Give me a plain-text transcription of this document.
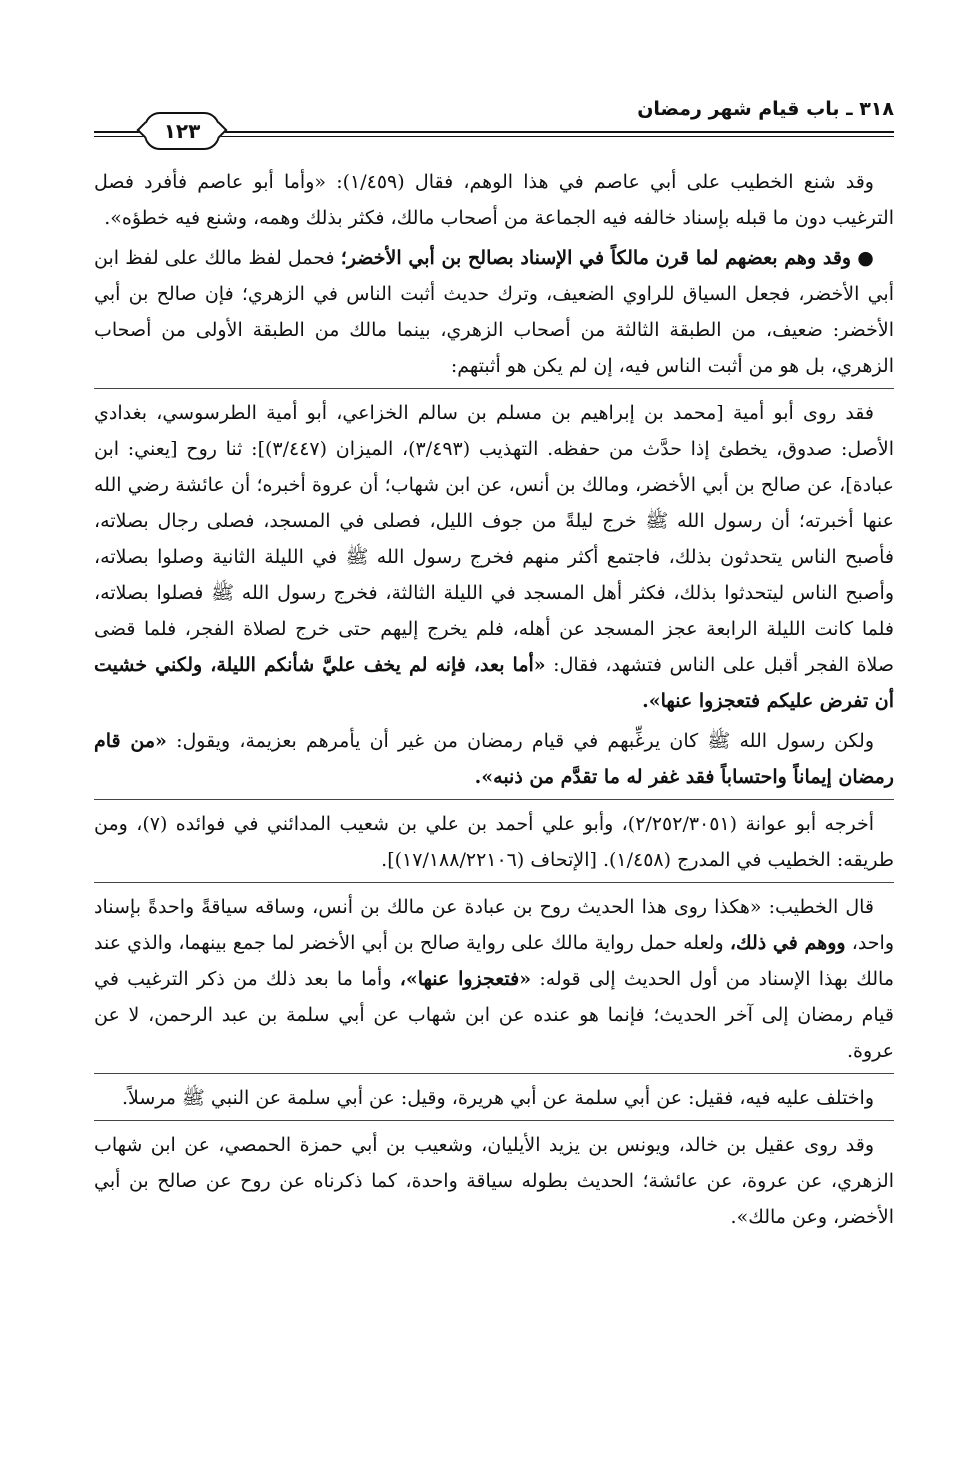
٣١٨ ـ باب قيام شهر رمضان
١٢٣

وقد شنع الخطيب على أبي عاصم في هذا الوهم، فقال (١/٤٥٩): «وأما أبو عاصم فأفرد فصل الترغيب دون ما قبله بإسناد خالفه فيه الجماعة من أصحاب مالك، فكثر بذلك وهمه، وشنع فيه خطؤه».

● وقد وهم بعضهم لما قرن مالكاً في الإسناد بصالح بن أبي الأخضر؛ فحمل لفظ مالك على لفظ ابن أبي الأخضر، فجعل السياق للراوي الضعيف، وترك حديث أثبت الناس في الزهري؛ فإن صالح بن أبي الأخضر: ضعيف، من الطبقة الثالثة من أصحاب الزهري، بينما مالك من الطبقة الأولى من أصحاب الزهري، بل هو من أثبت الناس فيه، إن لم يكن هو أثبتهم:

فقد روى أبو أمية [محمد بن إبراهيم بن مسلم بن سالم الخزاعي، أبو أمية الطرسوسي، بغدادي الأصل: صدوق، يخطئ إذا حدَّث من حفظه. التهذيب (٣/٤٩٣)، الميزان (٣/٤٤٧)]: ثنا روح [يعني: ابن عبادة]، عن صالح بن أبي الأخضر، ومالك بن أنس، عن ابن شهاب؛ أن عروة أخبره؛ أن عائشة رضي الله عنها أخبرته؛ أن رسول الله ﷺ خرج ليلةً من جوف الليل، فصلى في المسجد، فصلى رجال بصلاته، فأصبح الناس يتحدثون بذلك، فاجتمع أكثر منهم فخرج رسول الله ﷺ في الليلة الثانية وصلوا بصلاته، وأصبح الناس ليتحدثوا بذلك، فكثر أهل المسجد في الليلة الثالثة، فخرج رسول الله ﷺ فصلوا بصلاته، فلما كانت الليلة الرابعة عجز المسجد عن أهله، فلم يخرج إليهم حتى خرج لصلاة الفجر، فلما قضى صلاة الفجر أقبل على الناس فتشهد، فقال: «أما بعد، فإنه لم يخف عليَّ شأنكم الليلة، ولكني خشيت أن تفرض عليكم فتعجزوا عنها».

ولكن رسول الله ﷺ كان يرغِّبهم في قيام رمضان من غير أن يأمرهم بعزيمة، ويقول: «من قام رمضان إيماناً واحتساباً فقد غفر له ما تقدَّم من ذنبه».

أخرجه أبو عوانة (٢/٢٥٢/٣٠٥١)، وأبو علي أحمد بن علي بن شعيب المدائني في فوائده (٧)، ومن طريقه: الخطيب في المدرج (١/٤٥٨). [الإتحاف (١٧/١٨٨/٢٢١٠٦)].

قال الخطيب: «هكذا روى هذا الحديث روح بن عبادة عن مالك بن أنس، وساقه سياقةً واحدةً بإسناد واحد، ووهم في ذلك، ولعله حمل رواية مالك على رواية صالح بن أبي الأخضر لما جمع بينهما، والذي عند مالك بهذا الإسناد من أول الحديث إلى قوله: «فتعجزوا عنها»، وأما ما بعد ذلك من ذكر الترغيب في قيام رمضان إلى آخر الحديث؛ فإنما هو عنده عن ابن شهاب عن أبي سلمة بن عبد الرحمن، لا عن عروة.

واختلف عليه فيه، فقيل: عن أبي سلمة عن أبي هريرة، وقيل: عن أبي سلمة عن النبي ﷺ مرسلاً.

وقد روى عقيل بن خالد، ويونس بن يزيد الأيليان، وشعيب بن أبي حمزة الحمصي، عن ابن شهاب الزهري، عن عروة، عن عائشة؛ الحديث بطوله سياقة واحدة، كما ذكرناه عن روح عن صالح بن أبي الأخضر، وعن مالك».
